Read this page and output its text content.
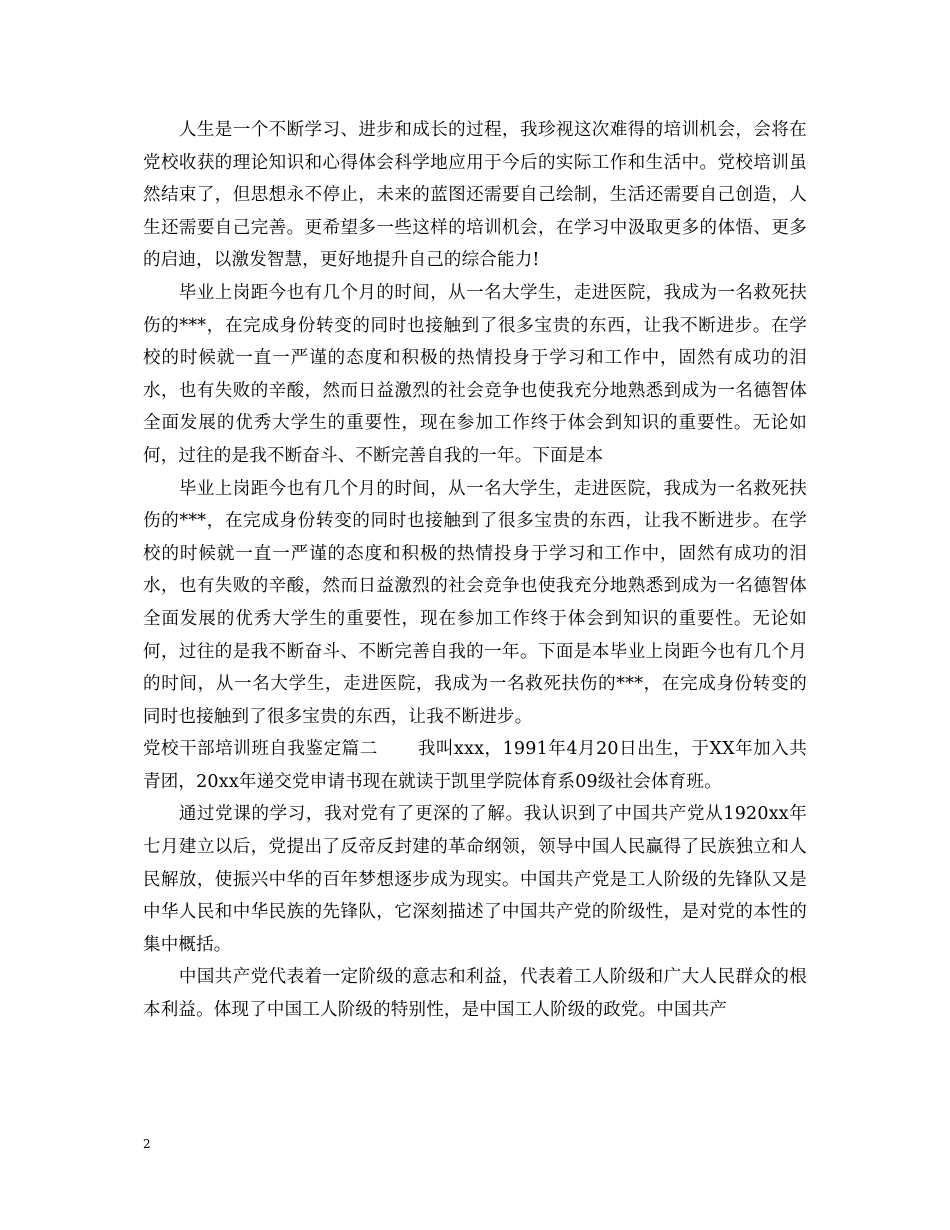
人生是一个不断学习、进步和成长的过程，我珍视这次难得的培训机会，会将在党校收获的理论知识和心得体会科学地应用于今后的实际工作和生活中。党校培训虽然结束了，但思想永不停止，未来的蓝图还需要自己绘制，生活还需要自己创造，人生还需要自己完善。更希望多一些这样的培训机会，在学习中汲取更多的体悟、更多的启迪，以激发智慧，更好地提升自己的综合能力!

毕业上岗距今也有几个月的时间，从一名大学生，走进医院，我成为一名救死扶伤的***，在完成身份转变的同时也接触到了很多宝贵的东西，让我不断进步。在学校的时候就一直一严谨的态度和积极的热情投身于学习和工作中，固然有成功的泪水，也有失败的辛酸，然而日益激烈的社会竞争也使我充分地熟悉到成为一名德智体全面发展的优秀大学生的重要性，现在参加工作终于体会到知识的重要性。无论如何，过往的是我不断奋斗、不断完善自我的一年。下面是本

毕业上岗距今也有几个月的时间，从一名大学生，走进医院，我成为一名救死扶伤的***，在完成身份转变的同时也接触到了很多宝贵的东西，让我不断进步。在学校的时候就一直一严谨的态度和积极的热情投身于学习和工作中，固然有成功的泪水，也有失败的辛酸，然而日益激烈的社会竞争也使我充分地熟悉到成为一名德智体全面发展的优秀大学生的重要性，现在参加工作终于体会到知识的重要性。无论如何，过往的是我不断奋斗、不断完善自我的一年。下面是本毕业上岗距今也有几个月的时间，从一名大学生，走进医院，我成为一名救死扶伤的***，在完成身份转变的同时也接触到了很多宝贵的东西，让我不断进步。

党校干部培训班自我鉴定篇二 我叫xxx，1991年4月20日出生，于XX年加入共青团，20xx年递交党申请书现在就读于凯里学院体育系09级社会体育班。

通过党课的学习，我对党有了更深的了解。我认识到了中国共产党从1920xx年七月建立以后，党提出了反帝反封建的革命纲领，领导中国人民赢得了民族独立和人民解放，使振兴中华的百年梦想逐步成为现实。中国共产党是工人阶级的先锋队又是中华人民和中华民族的先锋队，它深刻描述了中国共产党的阶级性，是对党的本性的集中概括。

中国共产党代表着一定阶级的意志和利益，代表着工人阶级和广大人民群众的根本利益。体现了中国工人阶级的特别性，是中国工人阶级的政党。中国共产

2
